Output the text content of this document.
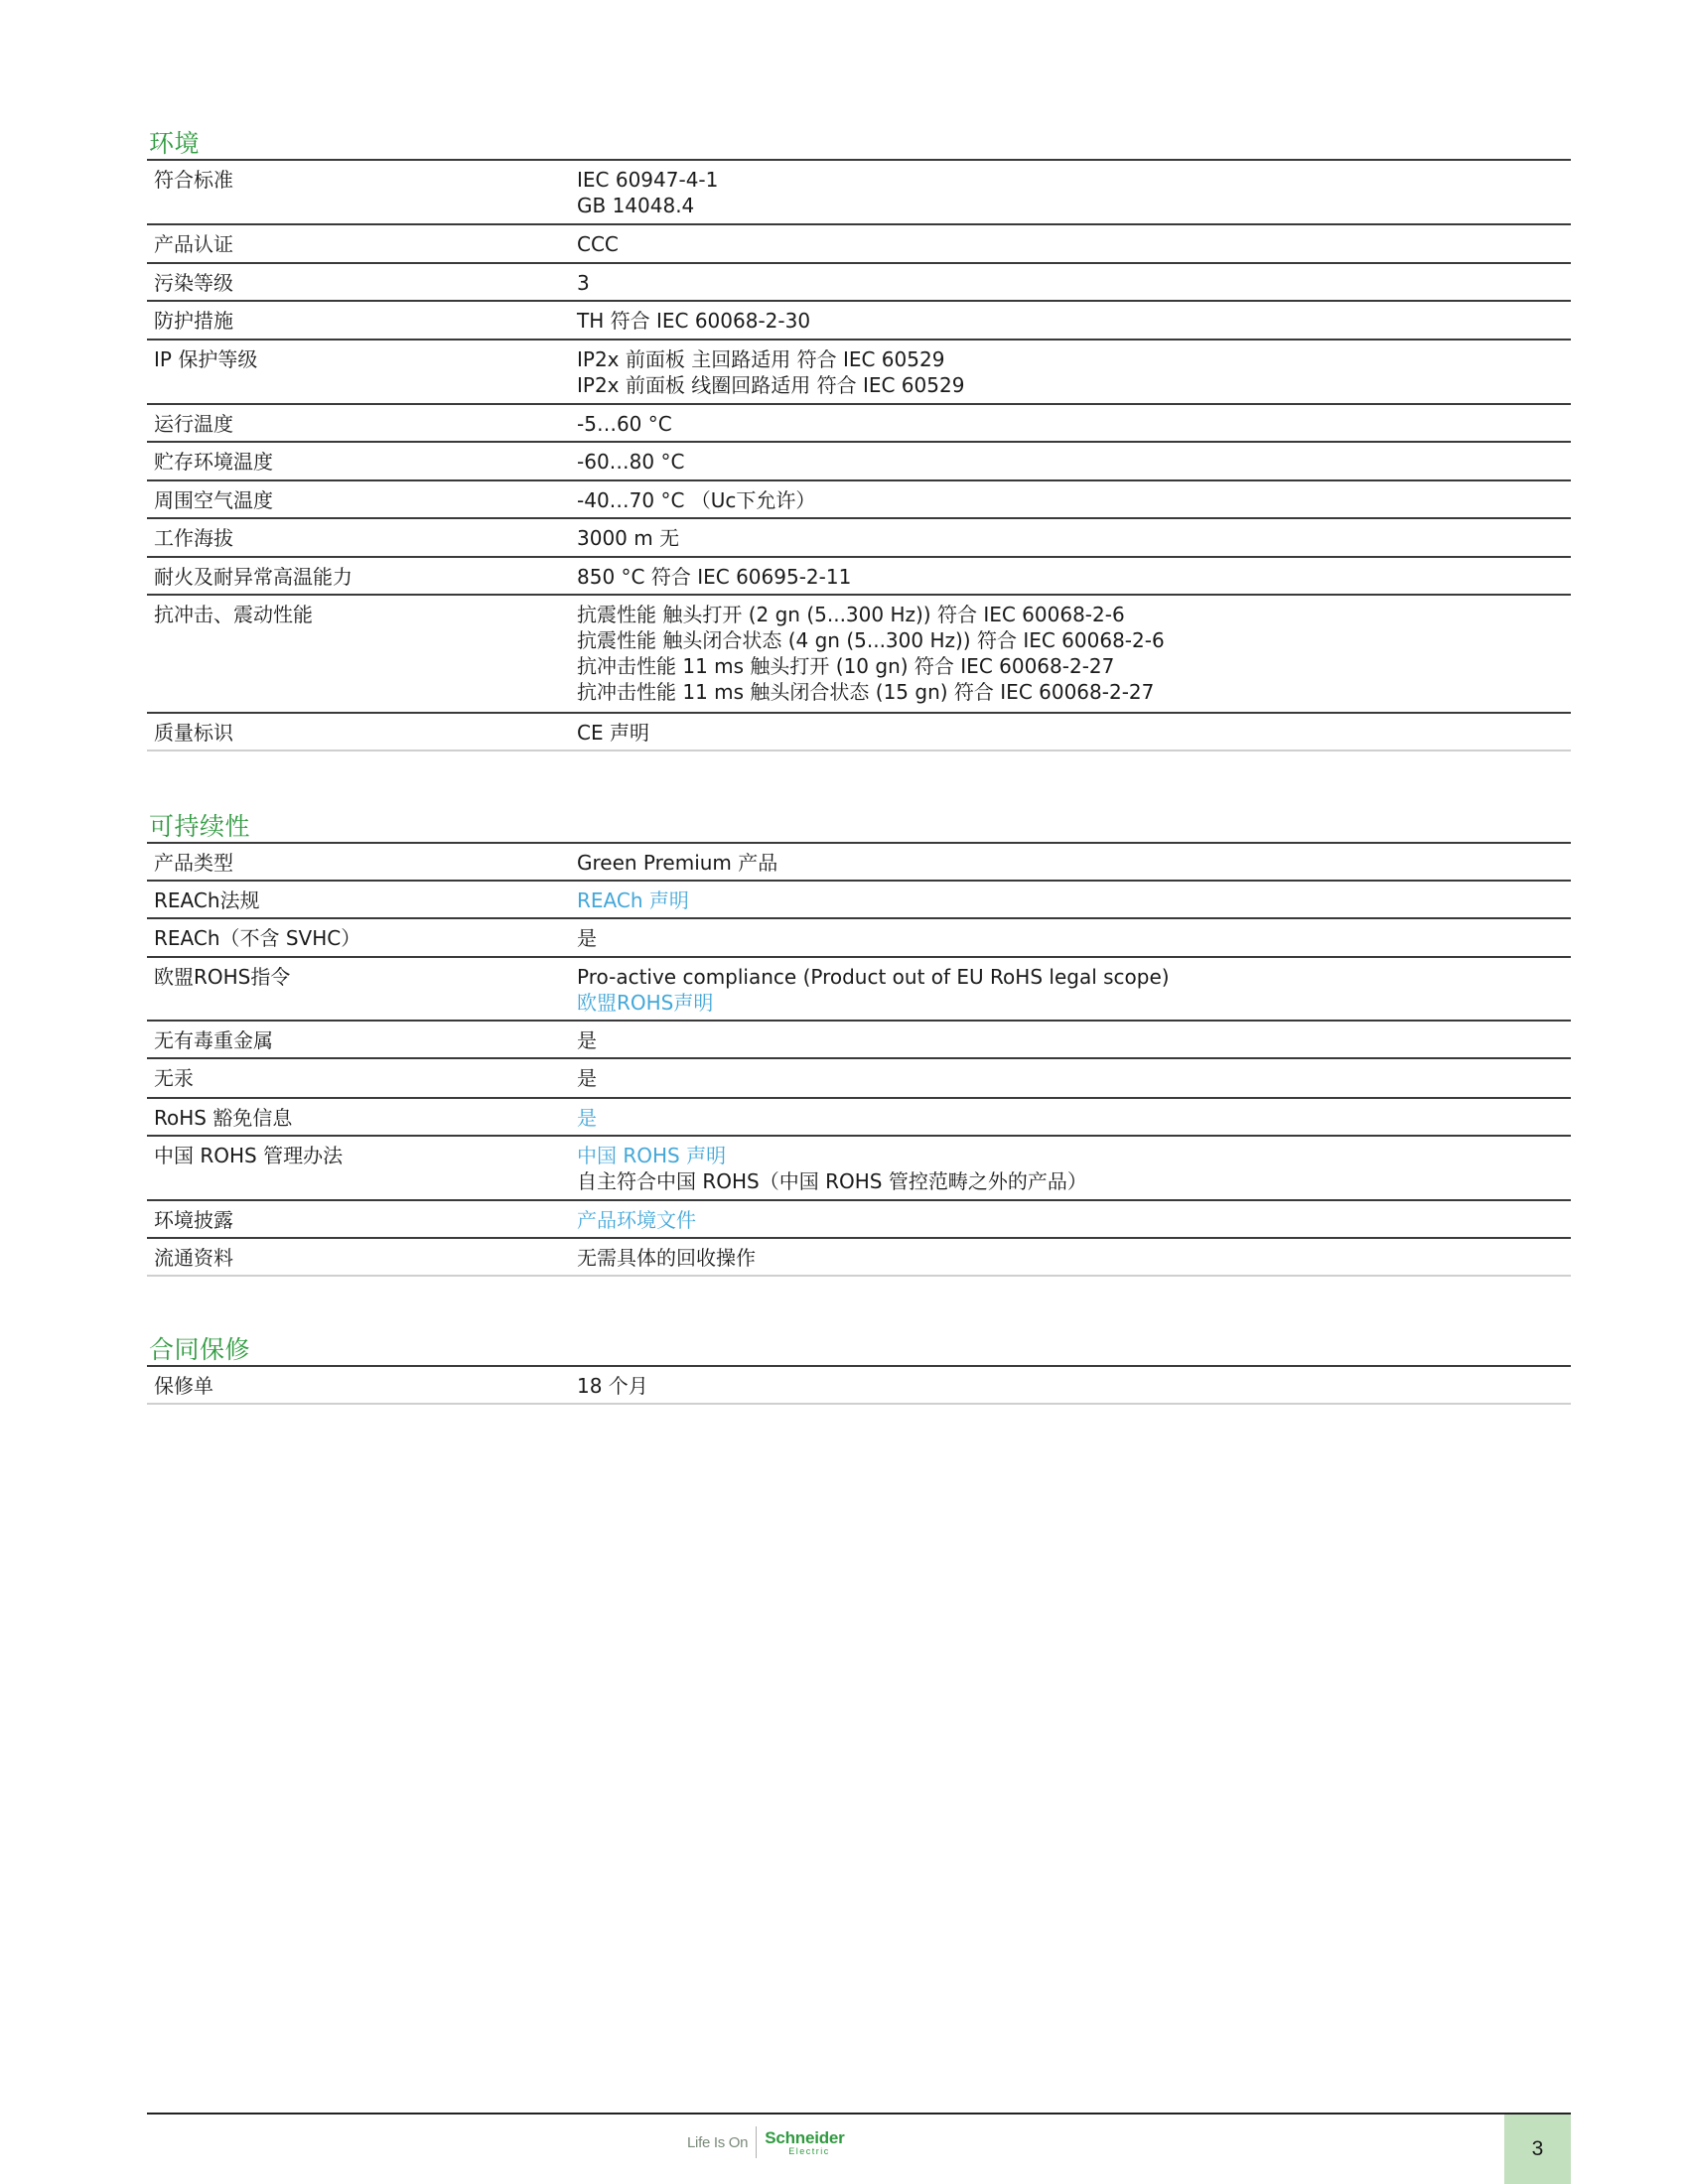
环境
符合标准	IEC 60947-4-1
GB 14048.4
产品认证	CCC
污染等级	3
防护措施	TH 符合 IEC 60068-2-30
IP 保护等级	IP2x 前面板 主回路适用 符合 IEC 60529
IP2x 前面板 线圈回路适用 符合 IEC 60529
运行温度	-5…60 °C
贮存环境温度	-60…80 °C
周围空气温度	-40…70 °C （Uc下允许）
工作海拔	3000 m 无
耐火及耐异常高温能力	850 °C 符合 IEC 60695-2-11
抗冲击、震动性能	抗震性能 触头打开 (2 gn (5...300 Hz)) 符合 IEC 60068-2-6
抗震性能 触头闭合状态 (4 gn (5...300 Hz)) 符合 IEC 60068-2-6
抗冲击性能 11 ms 触头打开 (10 gn) 符合 IEC 60068-2-27
抗冲击性能 11 ms 触头闭合状态 (15 gn) 符合 IEC 60068-2-27
质量标识	CE 声明
可持续性
产品类型	Green Premium 产品
REACh法规	REACh 声明
REACh（不含 SVHC）	是
欧盟ROHS指令	Pro-active compliance (Product out of EU RoHS legal scope)
欧盟ROHS声明
无有毒重金属	是
无汞	是
RoHS 豁免信息	是
中国 ROHS 管理办法	中国 ROHS 声明
自主符合中国 ROHS（中国 ROHS 管控范畴之外的产品）
环境披露	产品环境文件
流通资料	无需具体的回收操作
合同保修
保修单	18 个月
Life Is On Schneider
Electric	3
